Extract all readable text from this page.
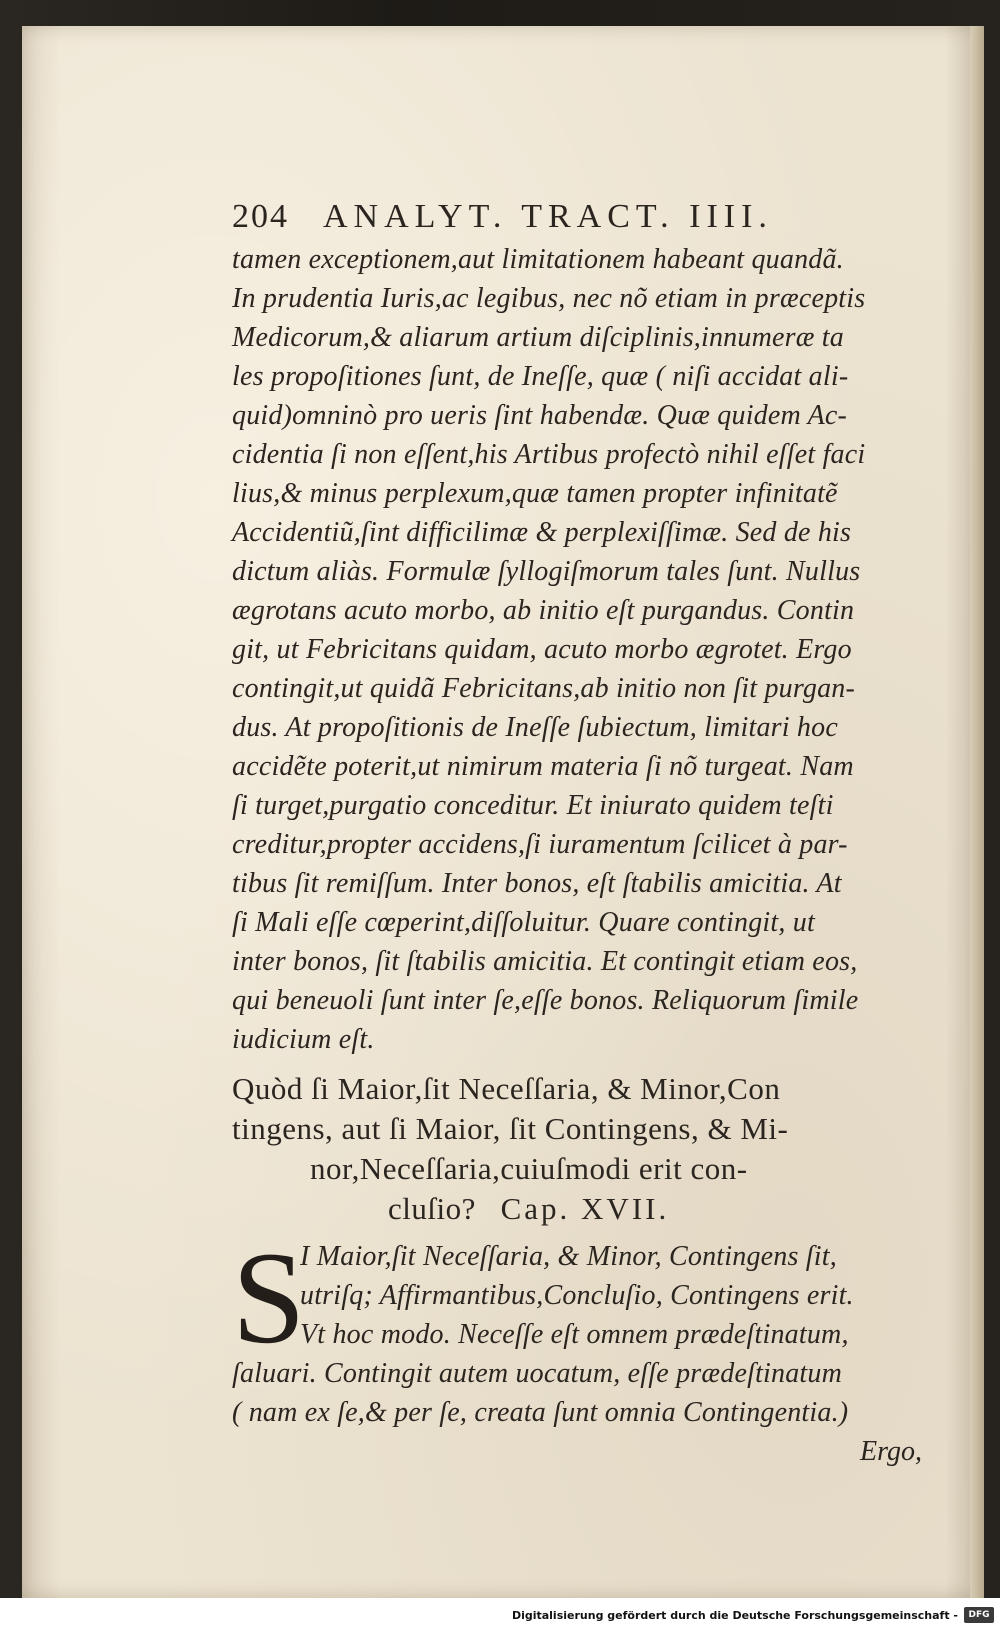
204 ANALYT. TRACT. IIII.
tamen exceptionem,aut limitationem habeant quandã.
In prudentia Iuris,ac legibus, nec nõ etiam in præceptis
Medicorum,& aliarum artium diſciplinis,innumeræ ta
les propoſitiones ſunt, de Ineſſe, quæ ( niſi accidat ali-
quid)omninò pro ueris ſint habendæ. Quæ quidem Ac-
cidentia ſi non eſſent,his Artibus profectò nihil eſſet faci
lius,& minus perplexum,quæ tamen propter infinitatẽ
Accidentiũ,ſint difficilimæ & perplexiſſimæ. Sed de his
dictum aliàs. Formulæ ſyllogiſmorum tales ſunt. Nullus
ægrotans acuto morbo, ab initio eſt purgandus. Contin
git, ut Febricitans quidam, acuto morbo ægrotet. Ergo
contingit,ut quidã Febricitans,ab initio non ſit purgan-
dus. At propoſitionis de Ineſſe ſubiectum, limitari hoc
accidẽte poterit,ut nimirum materia ſi nõ turgeat. Nam
ſi turget,purgatio conceditur. Et iniurato quidem teſti
creditur,propter accidens,ſi iuramentum ſcilicet à par-
tibus ſit remiſſum. Inter bonos, eſt ſtabilis amicitia. At
ſi Mali eſſe cœperint,diſſoluitur. Quare contingit, ut
inter bonos, ſit ſtabilis amicitia. Et contingit etiam eos,
qui beneuoli ſunt inter ſe,eſſe bonos. Reliquorum ſimile
iudicium eſt.
Quòd ſi Maior,ſit Neceſſaria, & Minor,Con
tingens, aut ſi Maior, ſit Contingens, & Mi-
nor,Neceſſaria,cuiuſmodi erit con-
cluſio? Cap. XVII.
S
I Maior,ſit Neceſſaria, & Minor, Contingens ſit,
utriſq; Affirmantibus,Concluſio, Contingens erit.
Vt hoc modo. Neceſſe eſt omnem prædeſtinatum,
ſaluari. Contingit autem uocatum, eſſe prædeſtinatum
( nam ex ſe,& per ſe, creata ſunt omnia Contingentia.)
Ergo,
Digitalisierung gefördert durch die Deutsche Forschungsgemeinschaft -	DFG
